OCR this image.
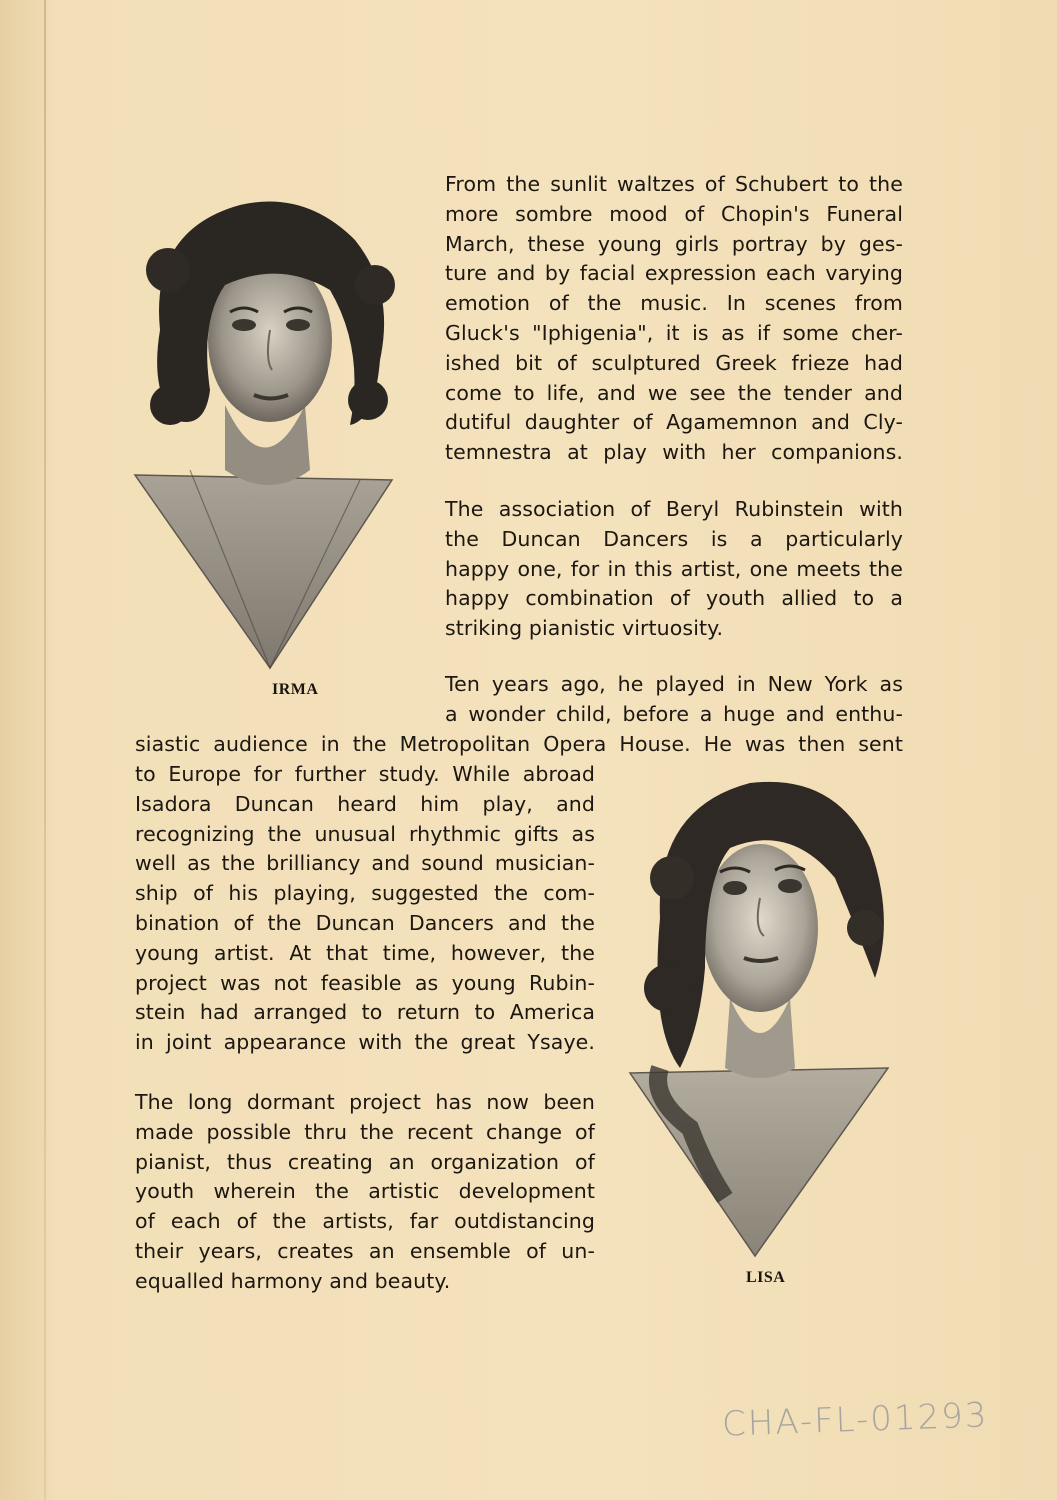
IRMA
LISA
From the sunlit waltzes of Schubert to the
more sombre mood of Chopin's Funeral
March, these young girls portray by ges-
ture and by facial expression each varying
emotion of the music. In scenes from
Gluck's "Iphigenia", it is as if some cher-
ished bit of sculptured Greek frieze had
come to life, and we see the tender and
dutiful daughter of Agamemnon and Cly-
temnestra at play with her companions.
The association of Beryl Rubinstein with
the Duncan Dancers is a particularly
happy one, for in this artist, one meets the
happy combination of youth allied to a
striking pianistic virtuosity.
Ten years ago, he played in New York as
a wonder child, before a huge and enthu-
siastic audience in the Metropolitan Opera House. He was then sent
to Europe for further study. While abroad
Isadora Duncan heard him play, and
recognizing the unusual rhythmic gifts as
well as the brilliancy and sound musician-
ship of his playing, suggested the com-
bination of the Duncan Dancers and the
young artist. At that time, however, the
project was not feasible as young Rubin-
stein had arranged to return to America
in joint appearance with the great Ysaye.
The long dormant project has now been
made possible thru the recent change of
pianist, thus creating an organization of
youth wherein the artistic development
of each of the artists, far outdistancing
their years, creates an ensemble of un-
equalled harmony and beauty.
CHA-FL-01293
